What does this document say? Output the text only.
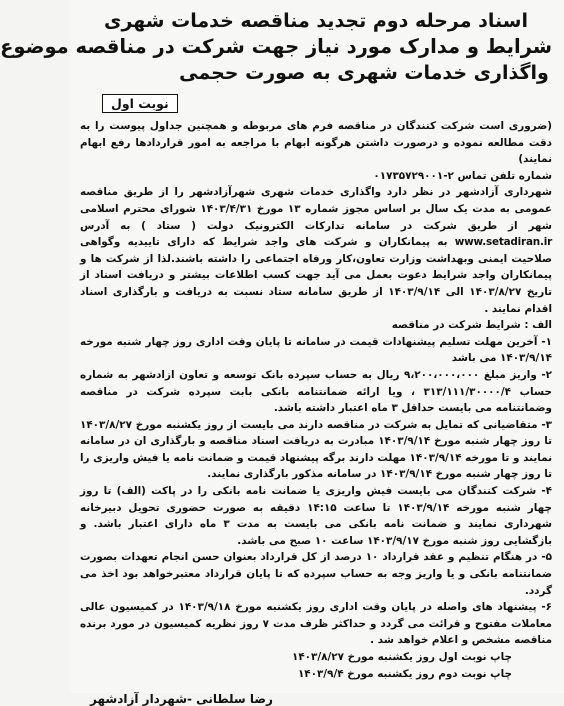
اسناد مرحله دوم تجدید مناقصه خدمات شهری
شرایط و مدارک مورد نیاز جهت شرکت در مناقصه موضوع
واگذاری خدمات شهری به صورت حجمی
نوبت اول

(ضروری است شرکت کنندگان در مناقصه فرم های مربوطه و همچنین جداول پیوست را به دقت مطالعه نموده و درصورت داشتن هرگونه ابهام با مراجعه به امور قراردادها رفع ابهام نمایند)

شماره تلفن تماس ۲-۰۱۷۳۵۷۲۹۰۰۱

شهرداری آزادشهر در نظر دارد واگذاری خدمات شهری شهرآزادشهر را از طریق مناقصه عمومی به مدت یک سال بر اساس مجوز شماره ۱۳ مورخ ۱۴۰۳/۴/۳۱ شورای محترم اسلامی شهر از طریق شرکت در سامانه تدارکات الکترونیک دولت ( ستاد ) به آدرس www.setadiran.ir به پیمانکاران و شرکت های واجد شرایط که دارای تاییدیه وگواهی صلاحیت ایمنی وبهداشت وزارت تعاون،کار ورفاه اجتماعی را داشته باشند.لذا از شرکت ها و پیمانکاران واجد شرایط دعوت بعمل می آید جهت کسب اطلاعات بیشتر و دریافت اسناد از تاریخ ۱۴۰۳/۸/۲۷ الی ۱۴۰۳/۹/۱۴ از طریق سامانه ستاد نسبت به دریافت و بارگذاری اسناد اقدام نمایند .

الف : شرایط شرکت در مناقصه

۱- آخرین مهلت تسلیم پیشنهادات قیمت در سامانه تا پایان وقت اداری روز چهار شنبه مورخه ۱۴۰۳/۹/۱۴ می باشد

۲- واریز مبلغ ۹،۲۰۰،۰۰۰،۰۰۰ ریال به حساب سپرده بانک توسعه و تعاون ازادشهر به شماره حساب ۳۱۳/۱۱۱/۳۰۰۰۰/۴ ، ویا ارائه ضمانتنامه بانکی بابت سپرده شرکت در مناقصه وضمانتنامه می بایست حداقل ۳ ماه اعتبار داشته باشد.

۳- متقاضیانی که تمایل به شرکت در مناقصه دارند می بایست از روز یکشنبه مورخ ۱۴۰۳/۸/۲۷ تا روز چهار شنبه مورخ ۱۴۰۳/۹/۱۴ مبادرت به دریافت اسناد مناقصه و بارگذاری ان در سامانه نمایند و تا مورخه ۱۴۰۳/۹/۱۴ مهلت دارند برگه پیشنهاد قیمت و ضمانت نامه یا فیش واریزی را تا روز چهار شنبه مورخ ۱۴۰۳/۹/۱۴ در سامانه مذکور بارگذاری نمایند.

۴- شرکت کنندگان می بایست فیش واریزی یا ضمانت نامه بانکی را در پاکت (الف) تا روز چهار شنبه مورخه ۱۴۰۳/۹/۱۴ تا ساعت ۱۴:۱۵ دقیقه به صورت حضوری تحویل دبیرخانه شهرداری نمایند و ضمانت نامه بانکی می بایست به مدت ۳ ماه دارای اعتبار باشد. و بازگشایی روز شنبه مورخ ۱۴۰۳/۹/۱۷ ساعت ۱۰ صبح می باشد.

۵- در هنگام تنظیم و عقد قرارداد ۱۰ درصد از کل قرارداد بعنوان حسن انجام تعهدات بصورت ضمانتنامه بانکی و یا واریز وجه به حساب سپرده که تا پایان قرارداد معتبرخواهد بود اخذ می گردد.

۶- پیشنهاد های واصله در پایان وقت اداری روز یکشنبه مورخ ۱۴۰۳/۹/۱۸ در کمیسیون عالی معاملات مفتوح و قرائت می گردد و حداکثر ظرف مدت ۷ روز نظریه کمیسیون در مورد برنده مناقصه مشخص و اعلام خواهد شد .

چاپ نوبت اول روز یکشنبه مورخ ۱۴۰۳/۸/۲۷
چاپ نوبت دوم روز یکشنبه مورخ ۱۴۰۳/۹/۴
رضا سلطانی -شهردار آزادشهر
